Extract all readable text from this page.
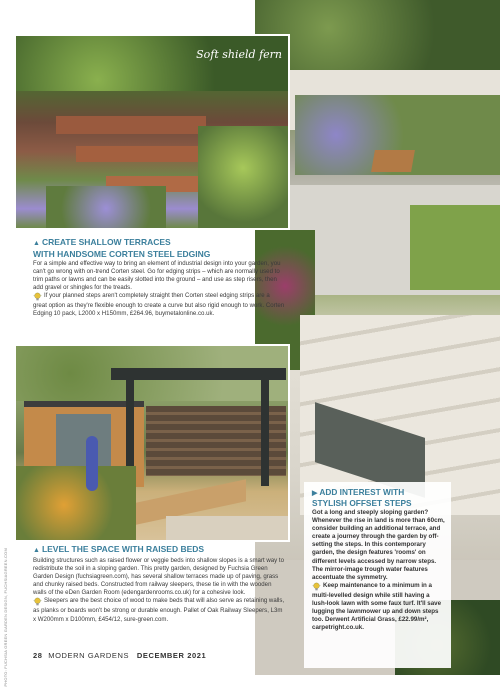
Soft shield fern
▲ CREATE SHALLOW TERRACES
WITH HANDSOME CORTEN STEEL EDGING
For a simple and effective way to bring an element of industrial design into your garden, you can't go wrong with on-trend Corten steel. Go for edging strips – which are normally used to trim paths or lawns and can be easily slotted into the ground – and use as step risers, then add gravel or shingles for the treads.
If your planned steps aren't completely straight then Corten steel edging strips are a great option as they're flexible enough to create a curve but also rigid enough to work. Corten Edging 10 pack, L2000 x H150mm, £264.96, buymetalonline.co.uk.
PHOTO: FUCHSIA GREEN GARDEN DESIGN, FUCHSIAGREEN.COM	▲ LEVEL THE SPACE WITH RAISED BEDS
Building structures such as raised flower or veggie beds into shallow slopes is a smart way to redistribute the soil in a sloping garden. This pretty garden, designed by Fuchsia Green Garden Design (fuchsiagreen.com), has several shallow terraces made up of paving, grass and chunky raised beds. Constructed from railway sleepers, these tie in with the wooden walls of the eDen Garden Room (edengardenrooms.co.uk) for a cohesive look.
Sleepers are the best choice of wood to make beds that will also serve as retaining walls, as planks or boards won't be strong or durable enough. Pallet of Oak Railway Sleepers, L3m x W200mm x D100mm, £454/12, sure-green.com.
▶ ADD INTEREST WITH
STYLISH OFFSET STEPS
Got a long and steeply sloping garden? Whenever the rise in land is more than 60cm, consider building an additional terrace, and create a journey through the garden by off-setting the steps. In this contemporary garden, the design features 'rooms' on different levels accessed by narrow steps. The mirror-image trough water features accentuate the symmetry.
Keep maintenance to a minimum in a multi-levelled design while still having a lush-look lawn with some faux turf. It'll save lugging the lawnmower up and down steps too. Derwent Artificial Grass, £22.99/m², carpetright.co.uk.
28 MODERN GARDENS DECEMBER 2021
